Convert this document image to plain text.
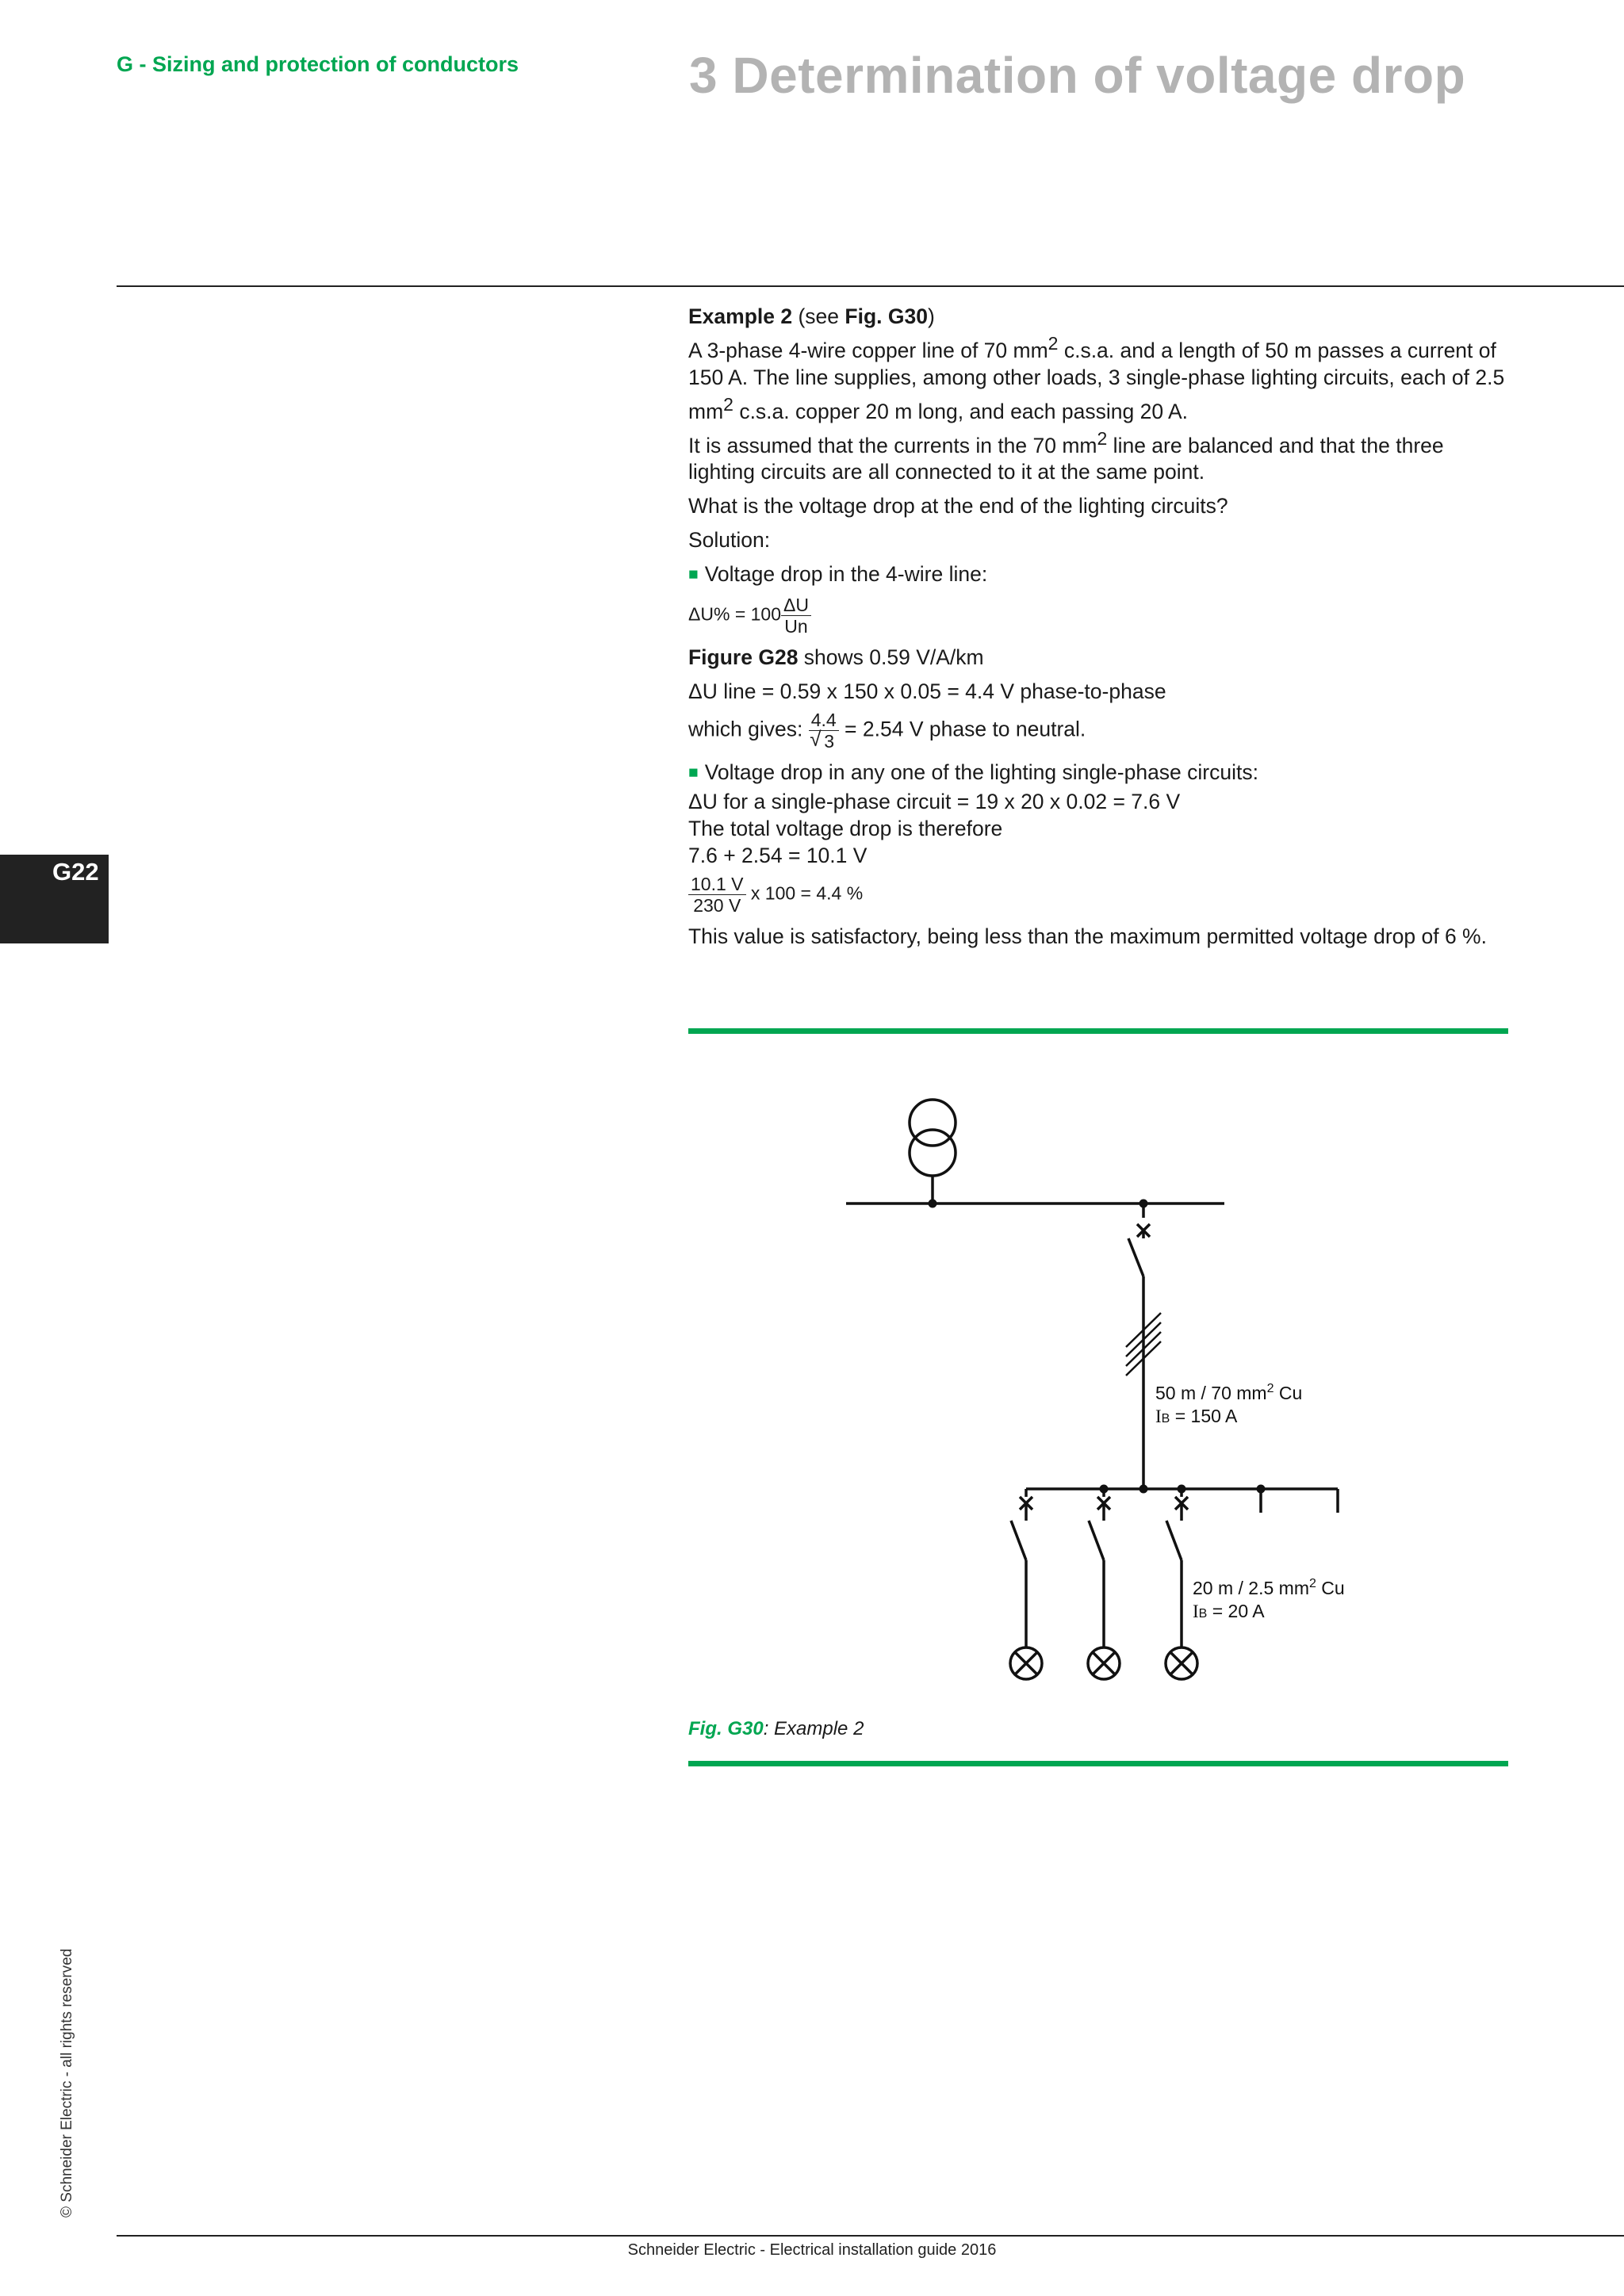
G - Sizing and protection of conductors	3 Determination of voltage drop
G22

Example 2 (see Fig. G30)

A 3-phase 4-wire copper line of 70 $mm^2$ c.s.a. and a length of 50 m passes a current of 150 A. The line supplies, among other loads, 3 single-phase lighting circuits, each of 2.5 $mm^2$ c.s.a. copper 20 m long, and each passing 20 A.

It is assumed that the currents in the 70 $mm^2$ line are balanced and that the three lighting circuits are all connected to it at the same point.

What is the voltage drop at the end of the lighting circuits?

Solution:

■ Voltage drop in the 4-wire line:

$\Delta U\% = 100 \frac{\Delta U}{Un}$

Figure G28 shows 0.59 V/A/km

ΔU line = 0.59 x 150 x 0.05 = 4.4 V phase-to-phase

which gives: 4.4
√ 3 = 2.54 V phase to neutral.

■ Voltage drop in any one of the lighting single-phase circuits:

ΔU for a single-phase circuit = 19 x 20 x 0.02 = 7.6 V

The total voltage drop is therefore

7.6 + 2.54 = 10.1 V

$\frac{10.1 V}{230 V}$ x 100 = 4.4 %

This value is satisfactory, being less than the maximum permitted voltage drop of 6 %.

50 m / 70 $mm^2$ Cu
IB = 150 A
20 m / 2.5 $mm^2$ Cu
IB = 20 A
Fig. G30: Example 2
© Schneider Electric - all rights reserved
Schneider Electric - Electrical installation guide 2016
